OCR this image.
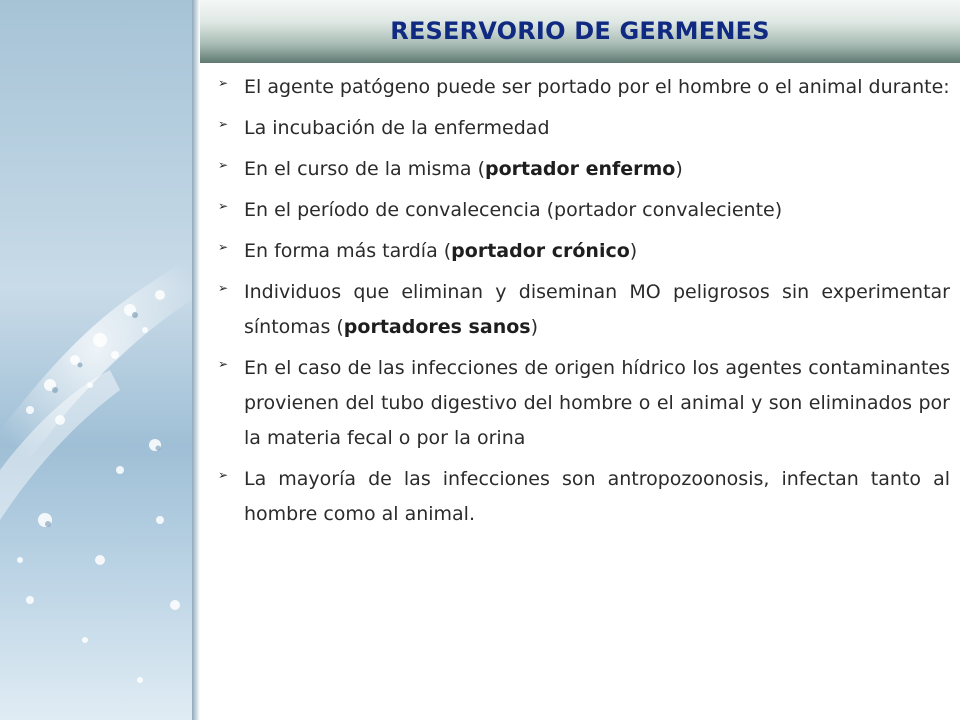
RESERVORIO DE GERMENES
➢ El agente patógeno puede ser portado por el hombre o el animal durante:
➢ La incubación de la enfermedad
➢ En el curso de la misma (portador enfermo)
➢ En el período de convalecencia (portador convaleciente)
➢ En forma más tardía (portador crónico)
➢ Individuos que eliminan y diseminan MO peligrosos sin experimentar síntomas (portadores sanos)
➢ En el caso de las infecciones de origen hídrico los agentes contaminantes provienen del tubo digestivo del hombre o el animal y son eliminados por la materia fecal o por la orina
➢ La mayoría de las infecciones son antropozoonosis, infectan tanto al hombre como al animal.
